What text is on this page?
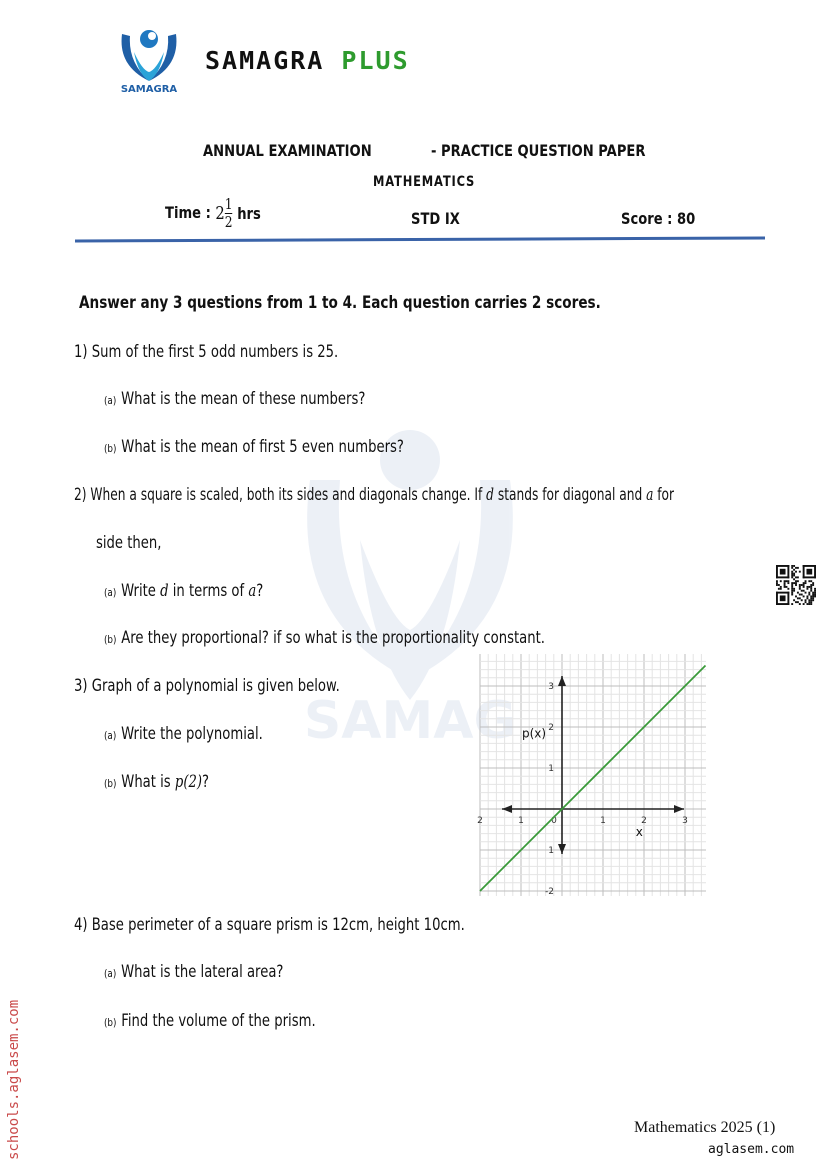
SAMAG
SAMAGRA
SAMAGRA PLUS
ANNUAL EXAMINATION	- PRACTICE QUESTION PAPER
MATHEMATICS
Time : $2 \frac{1}{2}$ hrs	STD IX	Score : 80
Answer any 3 questions from 1 to 4. Each question carries 2 scores.
1) Sum of the first 5 odd numbers is 25.
(a) What is the mean of these numbers?
(b) What is the mean of first 5 even numbers?
2) When a square is scaled, both its sides and diagonals change. If d stands for diagonal and a for
side then,
(a) Write d in terms of a?
(b) Are they proportional? if so what is the proportionality constant.
3) Graph of a polynomial is given below.
(a) Write the polynomial.
(b) What is p(2)?
2	1	0	1	2	3
3
2
1
1
-2
p(x)
x
4) Base perimeter of a square prism is 12cm, height 10cm.
(a) What is the lateral area?
(b) Find the volume of the prism.
schools.aglasem.com	Mathematics 2025 (1)
aglasem.com
